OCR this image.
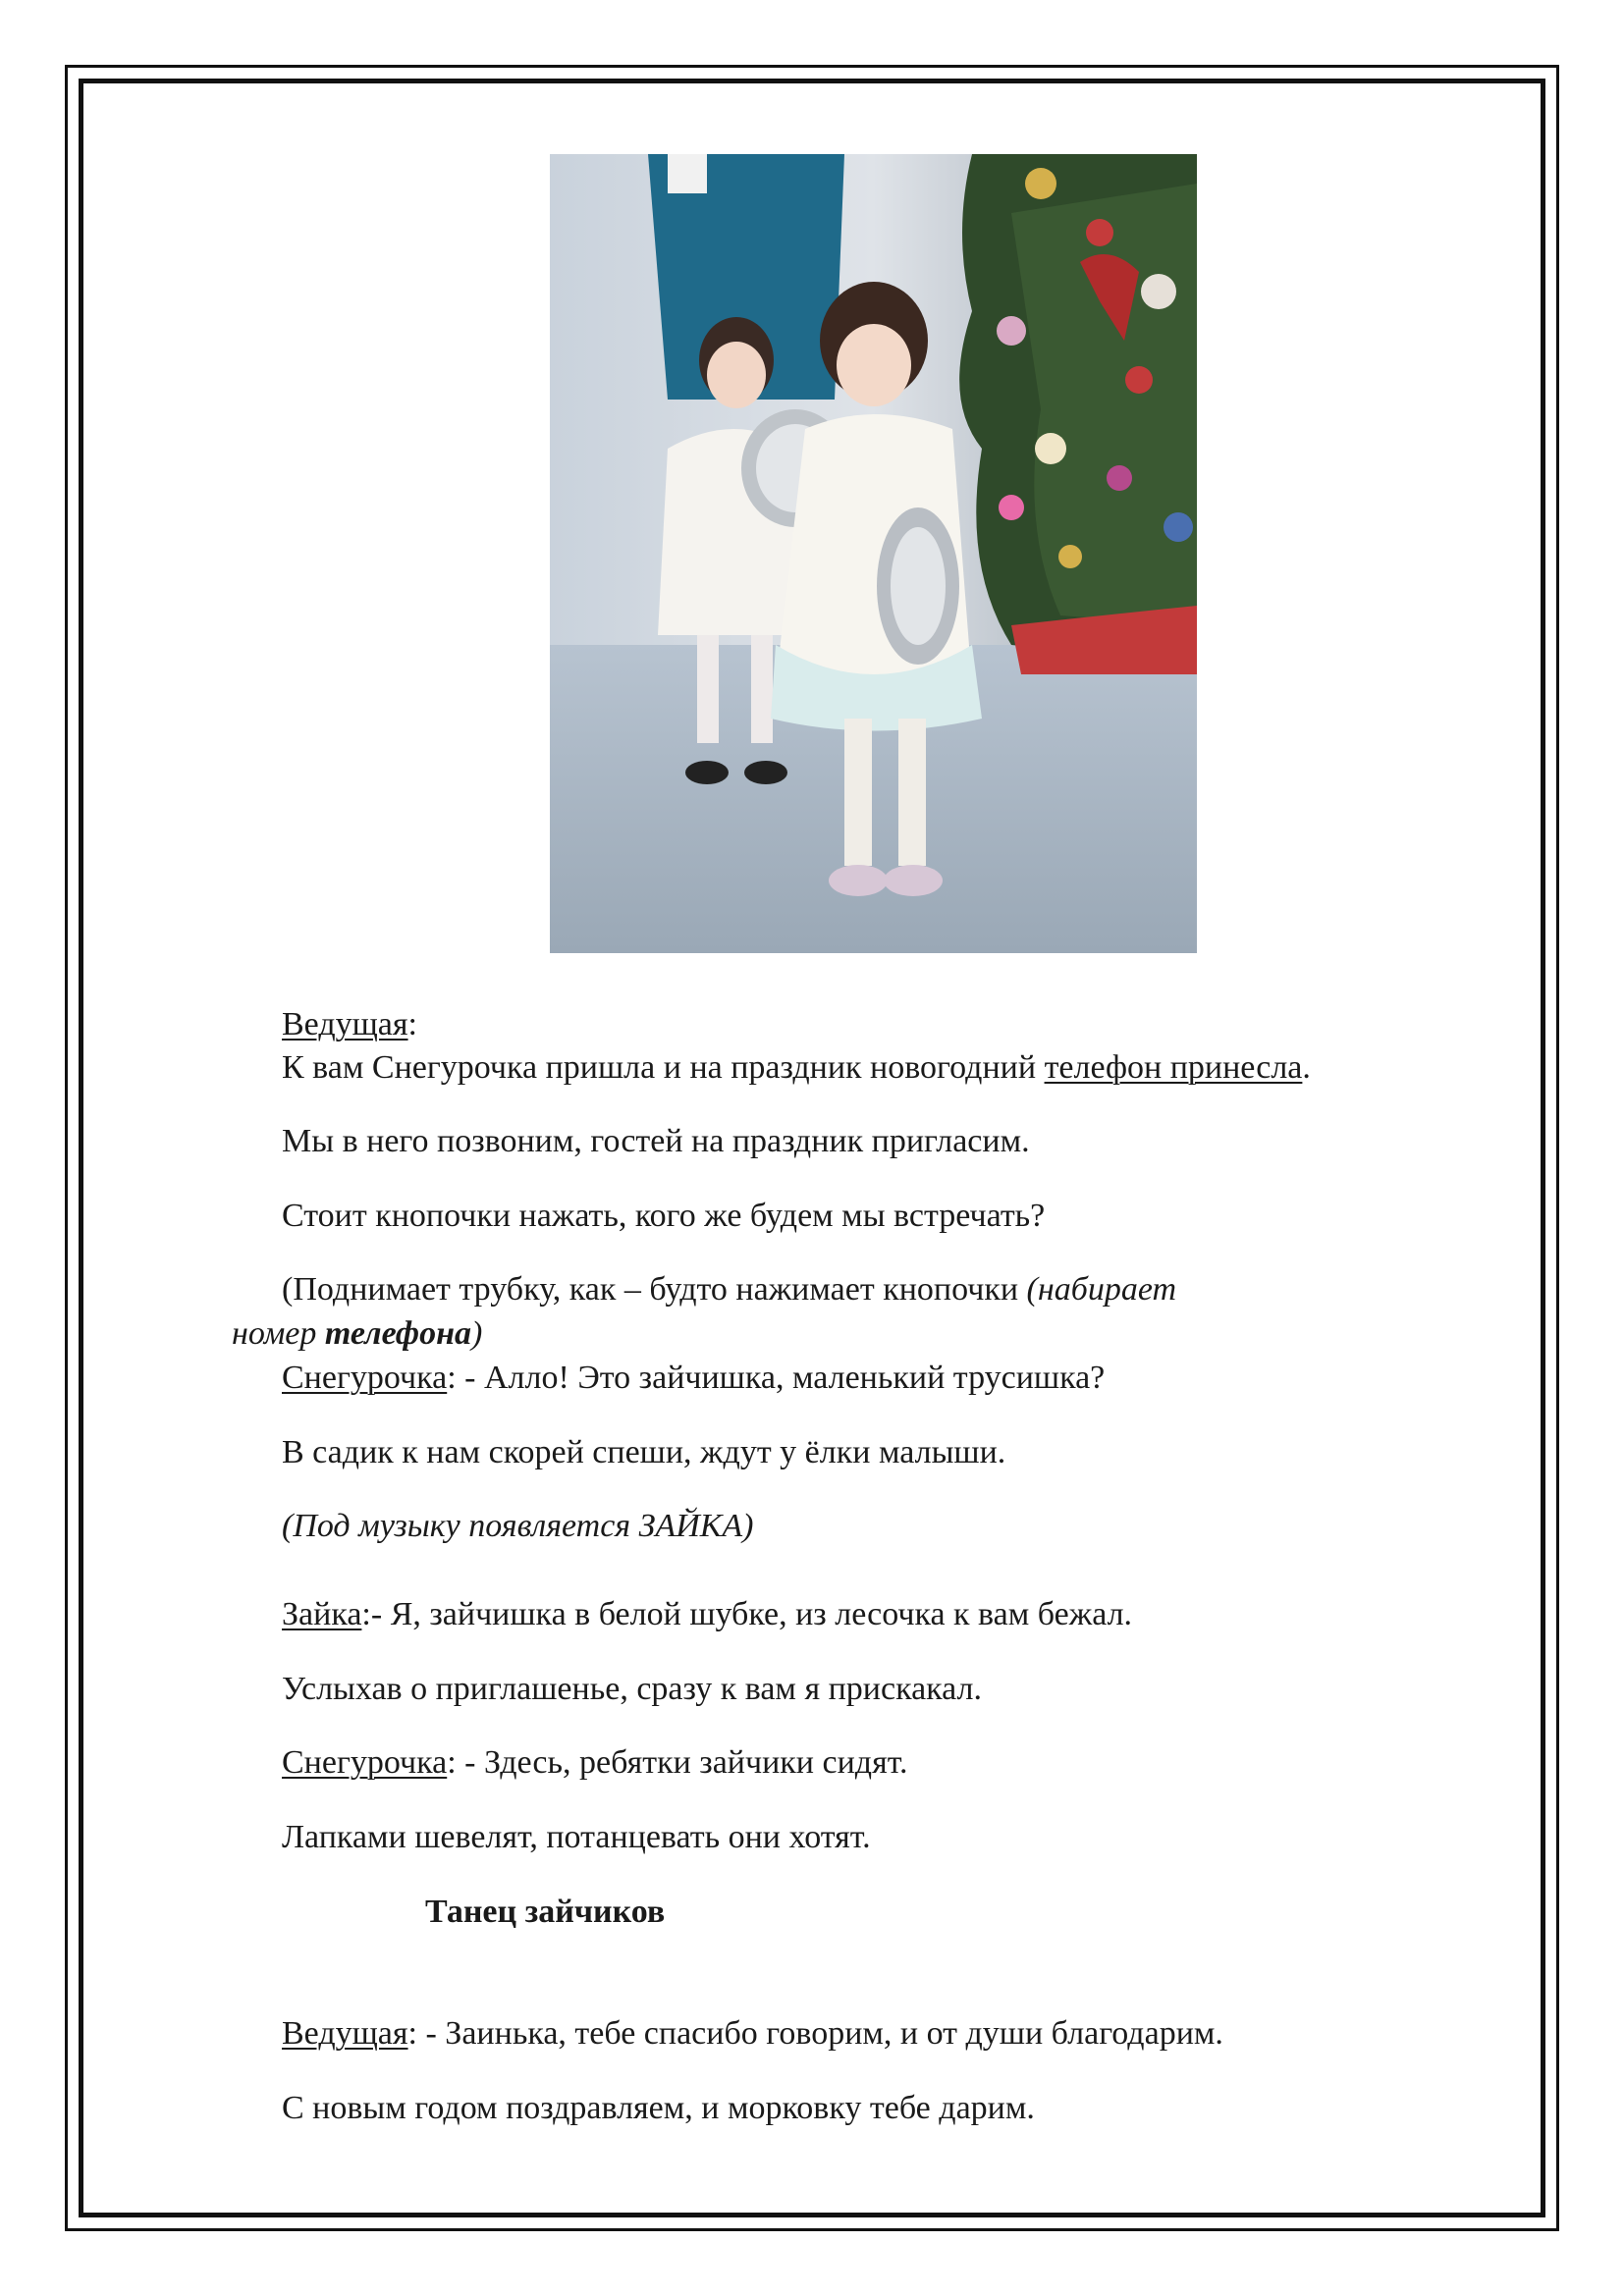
Ведущая:
К вам Снегурочка пришла и на праздник новогодний телефон принесла.
Мы в него позвоним, гостей на праздник пригласим.
Стоит кнопочки нажать, кого же будем мы встречать?
(Поднимает трубку, как – будто нажимает кнопочки (набирает
номер телефона)
Снегурочка: - Алло! Это зайчишка, маленький трусишка?
В садик к нам скорей спеши, ждут у ёлки малыши.
(Под музыку появляется ЗАЙКА)
Зайка:- Я, зайчишка в белой шубке, из лесочка к вам бежал.
Услыхав о приглашенье, сразу к вам я прискакал.
Снегурочка: - Здесь, ребятки зайчики сидят.
Лапками шевелят, потанцевать они хотят.
Танец зайчиков
Ведущая: - Заинька, тебе спасибо говорим, и от души благодарим.
С новым годом поздравляем, и морковку тебе дарим.
